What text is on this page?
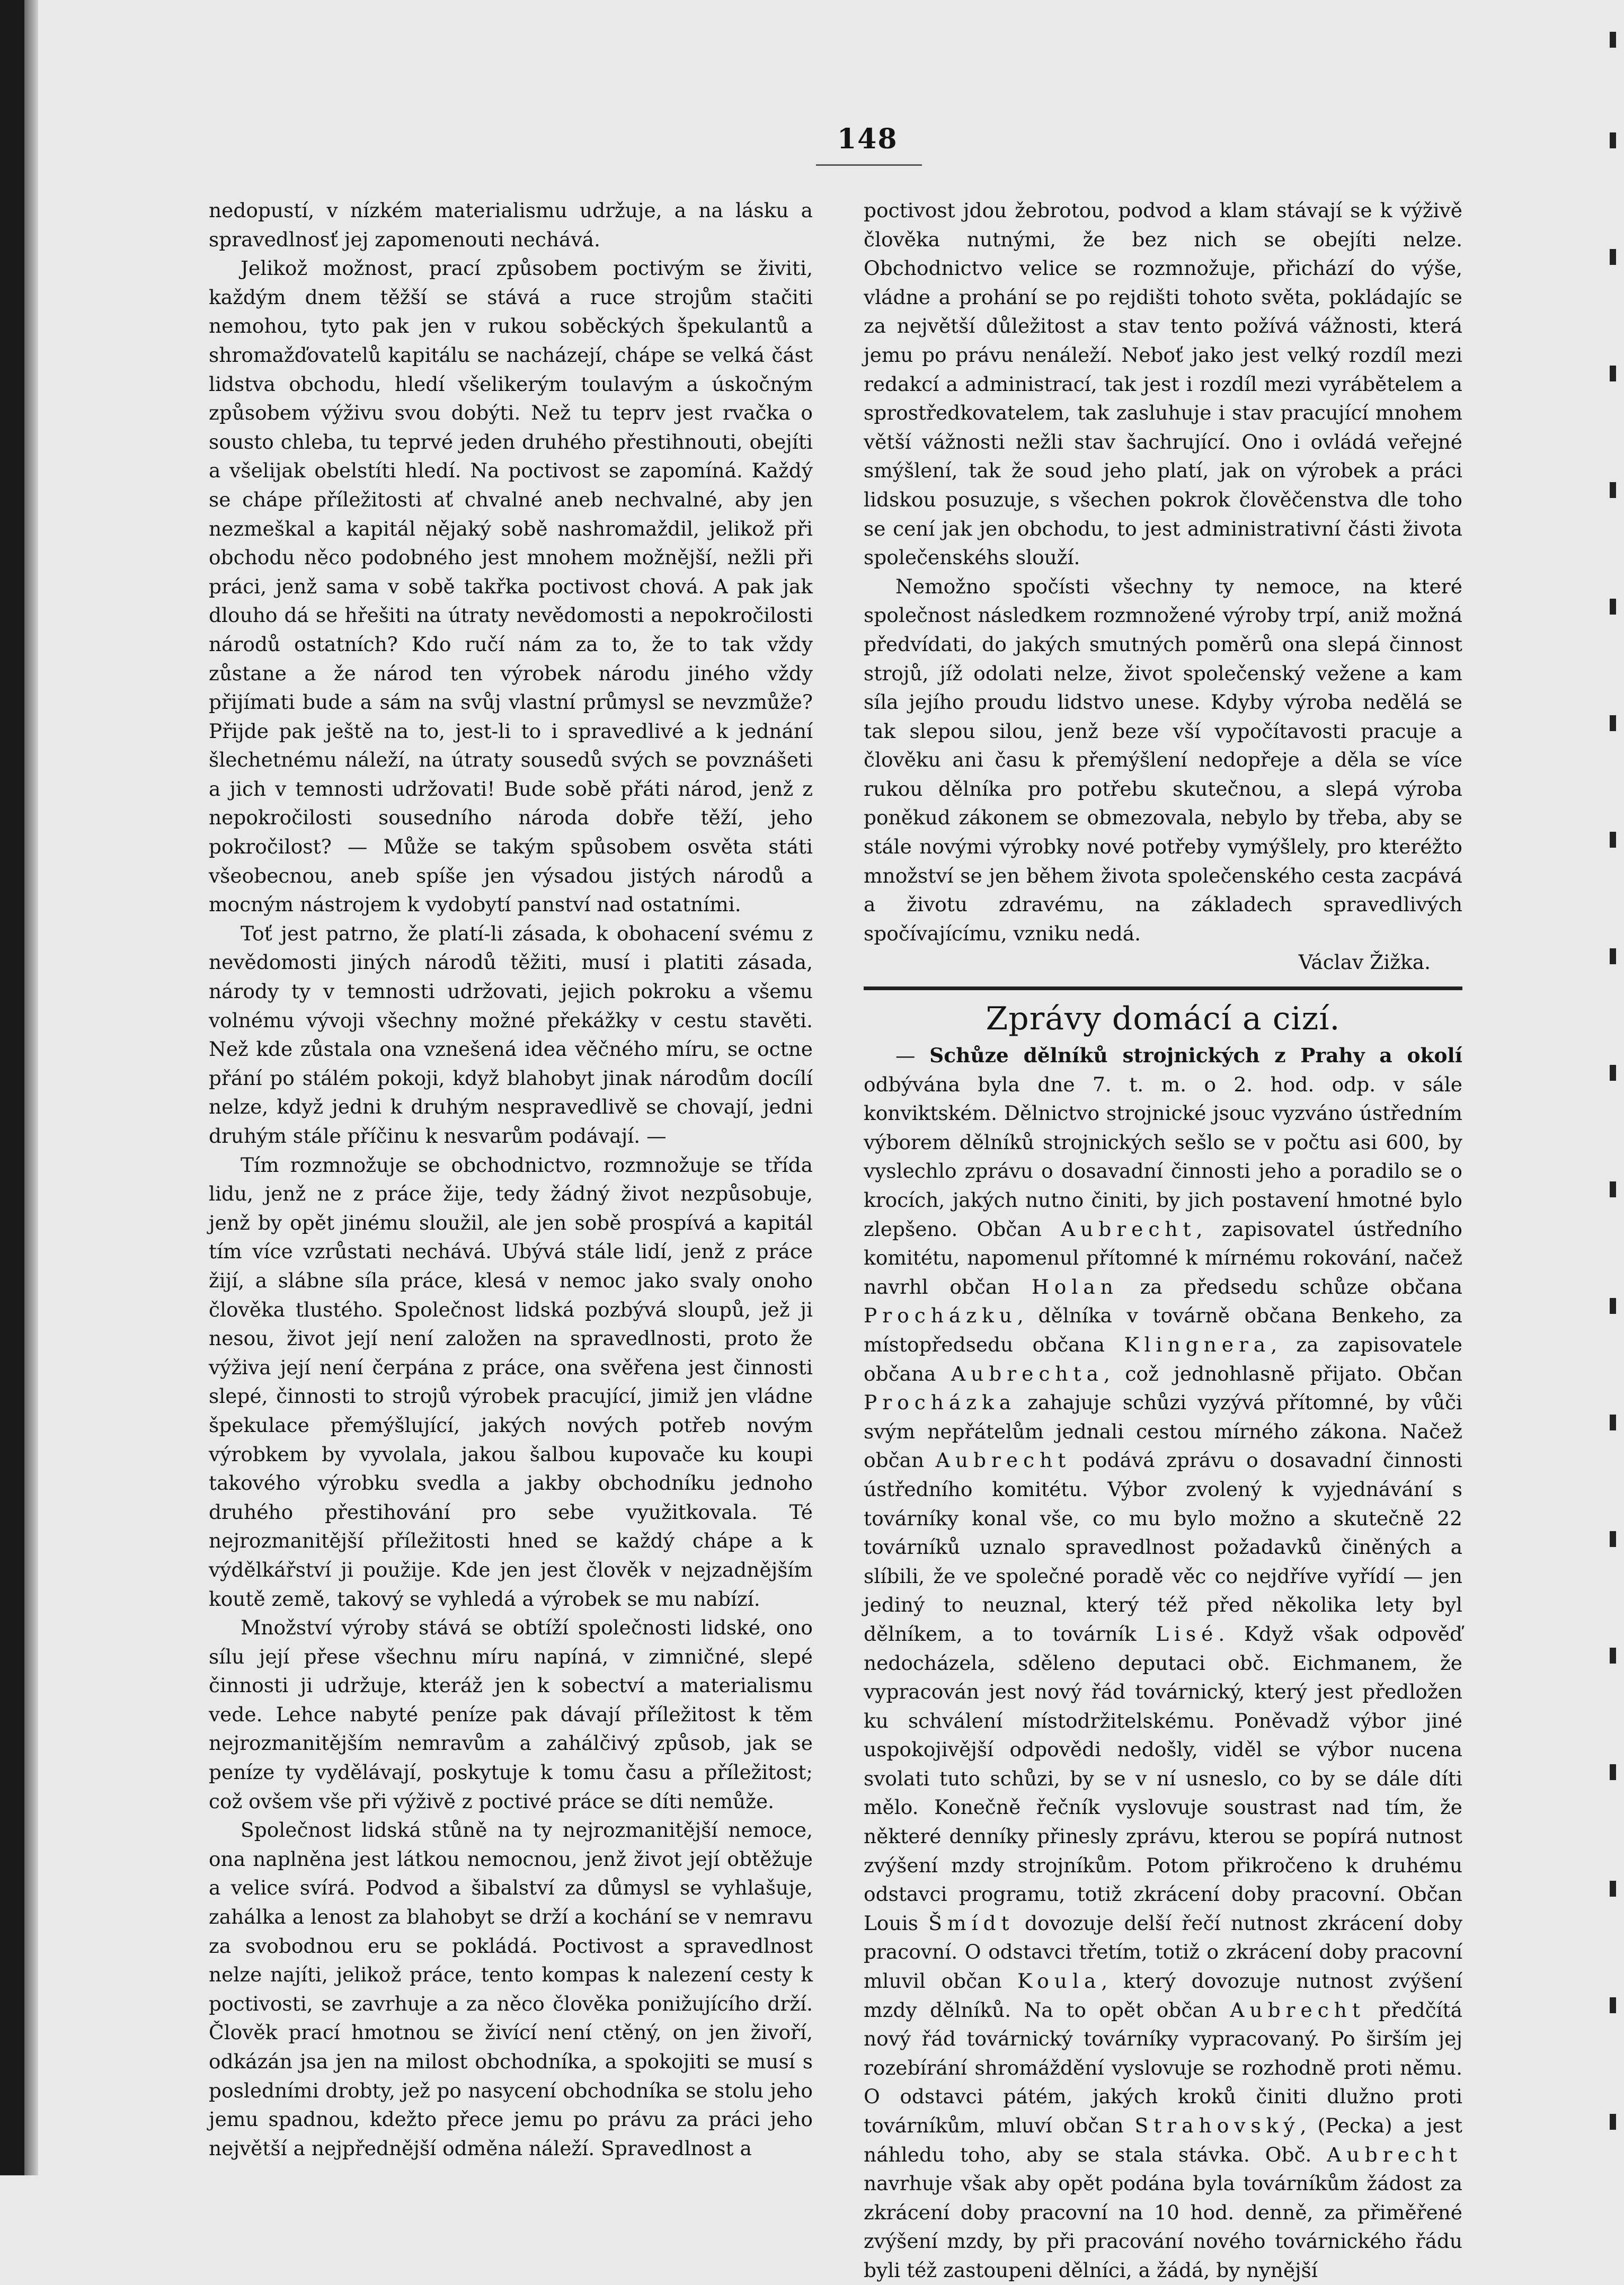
148

nedopustí, v nízkém materialismu udržuje, a na lásku a spravedlnosť jej zapomenouti nechává.

Jelikož možnost, prací způsobem poctivým se živiti, každým dnem těžší se stává a ruce strojům stačiti nemohou, tyto pak jen v rukou soběckých špekulantů a shromažďovatelů kapitálu se nacházejí, chápe se velká část lidstva obchodu, hledí všelikerým toulavým a úskočným způsobem výživu svou dobýti. Než tu teprv jest rvačka o sousto chleba, tu teprvé jeden druhého přestihnouti, obejíti a všelijak obelstíti hledí. Na poctivost se zapomíná. Každý se chápe příležitosti ať chvalné aneb nechvalné, aby jen nezmeškal a kapitál nějaký sobě nashromaždil, jelikož při obchodu něco podobného jest mnohem možnější, nežli při práci, jenž sama v sobě takřka poctivost chová. A pak jak dlouho dá se hřešiti na útraty nevědomosti a nepokročilosti národů ostatních? Kdo ručí nám za to, že to tak vždy zůstane a že národ ten výrobek národu jiného vždy přijímati bude a sám na svůj vlastní průmysl se nevzmůže? Přijde pak ještě na to, jest-li to i spravedlivé a k jednání šlechetnému náleží, na útraty sousedů svých se povznášeti a jich v temnosti udržovati! Bude sobě přáti národ, jenž z nepokročilosti sousedního národa dobře těží, jeho pokročilost? — Může se takým spůsobem osvěta státi všeobecnou, aneb spíše jen výsadou jistých národů a mocným nástrojem k vydobytí panství nad ostatními.

Toť jest patrno, že platí-li zásada, k obohacení svému z nevědomosti jiných národů těžiti, musí i platiti zásada, národy ty v temnosti udržovati, jejich pokroku a všemu volnému vývoji všechny možné překážky v cestu stavěti. Než kde zůstala ona vznešená idea věčného míru, se octne přání po stálém pokoji, když blahobyt jinak národům docílí nelze, když jedni k druhým nespravedlivě se chovají, jedni druhým stále příčinu k nesvarům podávají. —

Tím rozmnožuje se obchodnictvo, rozmnožuje se třída lidu, jenž ne z práce žije, tedy žádný život nezpůsobuje, jenž by opět jinému sloužil, ale jen sobě prospívá a kapitál tím více vzrůstati nechává. Ubývá stále lidí, jenž z práce žijí, a slábne síla práce, klesá v nemoc jako svaly onoho člověka tlustého. Společnost lidská pozbývá sloupů, jež ji nesou, život její není založen na spravedlnosti, proto že výživa její není čerpána z práce, ona svěřena jest činnosti slepé, činnosti to strojů výrobek pracující, jimiž jen vládne špekulace přemýšlující, jakých nových potřeb novým výrobkem by vyvolala, jakou šalbou kupovače ku koupi takového výrobku svedla a jakby obchodníku jednoho druhého přestihování pro sebe využitkovala. Té nejrozmanitější příležitosti hned se každý chápe a k výdělkářství ji použije. Kde jen jest člověk v nejzadnějším koutě země, takový se vyhledá a výrobek se mu nabízí.

Množství výroby stává se obtíží společnosti lidské, ono sílu její přese všechnu míru napíná, v zimničné, slepé činnosti ji udržuje, kteráž jen k sobectví a materialismu vede. Lehce nabyté peníze pak dávají příležitost k těm nejrozmanitějším nemravům a zahálčivý způsob, jak se peníze ty vydělávají, poskytuje k tomu času a příležitost; což ovšem vše při výživě z poctivé práce se díti nemůže.

Společnost lidská stůně na ty nejrozmanitější nemoce, ona naplněna jest látkou nemocnou, jenž život její obtěžuje a velice svírá. Podvod a šibalství za důmysl se vyhlašuje, zahálka a lenost za blahobyt se drží a kochání se v nemravu za svobodnou eru se pokládá. Poctivost a spravedlnost nelze najíti, jelikož práce, tento kompas k nalezení cesty k poctivosti, se zavrhuje a za něco člověka ponižujícího drží. Člověk prací hmotnou se živící není ctěný, on jen živoří, odkázán jsa jen na milost obchodníka, a spokojiti se musí s posledními drobty, jež po nasycení obchodníka se stolu jeho jemu spadnou, kdežto přece jemu po právu za práci jeho největší a nejpřednější odměna náleží. Spravedlnost a

poctivost jdou žebrotou, podvod a klam stávají se k výživě člověka nutnými, že bez nich se obejíti nelze. Obchodnictvo velice se rozmnožuje, přichází do výše, vládne a prohání se po rejdišti tohoto světa, pokládajíc se za největší důležitost a stav tento požívá vážnosti, která jemu po právu nenáleží. Neboť jako jest velký rozdíl mezi redakcí a administrací, tak jest i rozdíl mezi vyrábětelem a sprostředkovatelem, tak zasluhuje i stav pracující mnohem větší vážnosti nežli stav šachrující. Ono i ovládá veřejné smýšlení, tak že soud jeho platí, jak on výrobek a práci lidskou posuzuje, s všechen pokrok člověčenstva dle toho se cení jak jen obchodu, to jest administrativní části života společenskéhs slouží.

Nemožno spočísti všechny ty nemoce, na které společnost následkem rozmnožené výroby trpí, aniž možná předvídati, do jakých smutných poměrů ona slepá činnost strojů, jíž odolati nelze, život společenský vežene a kam síla jejího proudu lidstvo unese. Kdyby výroba nedělá se tak slepou silou, jenž beze vší vypočítavosti pracuje a člověku ani času k přemýšlení nedopřeje a děla se více rukou dělníka pro potřebu skutečnou, a slepá výroba poněkud zákonem se obmezovala, nebylo by třeba, aby se stále novými výrobky nové potřeby vymýšlely, pro kteréžto množství se jen během života společenského cesta zacpává a životu zdravému, na základech spravedlivých spočívajícímu, vzniku nedá.

Václav Žižka.

Zprávy domácí a cizí.

— Schůze dělníků strojnických z Prahy a okolí odbývána byla dne 7. t. m. o 2. hod. odp. v sále konviktském. Dělnictvo strojnické jsouc vyzváno ústředním výborem dělníků strojnických sešlo se v počtu asi 600, by vyslechlo zprávu o dosavadní činnosti jeho a poradilo se o krocích, jakých nutno činiti, by jich postavení hmotné bylo zlepšeno. Občan Aubrecht, zapisovatel ústředního komitétu, napomenul přítomné k mírnému rokování, načež navrhl občan Holan za předsedu schůze občana Procházku, dělníka v továrně občana Benkeho, za místopředsedu občana Klingnera, za zapisovatele občana Aubrechta, což jednohlasně přijato. Občan Procházka zahajuje schůzi vyzývá přítomné, by vůči svým nepřátelům jednali cestou mírného zákona. Načež občan Aubrecht podává zprávu o dosavadní činnosti ústředního komitétu. Výbor zvolený k vyjednávání s továrníky konal vše, co mu bylo možno a skutečně 22 továrníků uznalo spravedlnost požadavků činěných a slíbili, že ve společné poradě věc co nejdříve vyřídí — jen jediný to neuznal, který též před několika lety byl dělníkem, a to továrník Lisé. Když však odpověď nedocházela, sděleno deputaci obč. Eichmanem, že vypracován jest nový řád továrnický, který jest předložen ku schválení místodržitelskému. Poněvadž výbor jiné uspokojivější odpovědi nedošly, viděl se výbor nucena svolati tuto schůzi, by se v ní usneslo, co by se dále díti mělo. Konečně řečník vyslovuje soustrast nad tím, že některé denníky přinesly zprávu, kterou se popírá nutnost zvýšení mzdy strojníkům. Potom přikročeno k druhému odstavci programu, totiž zkrácení doby pracovní. Občan Louis Šmídt dovozuje delší řečí nutnost zkrácení doby pracovní. O odstavci třetím, totiž o zkrácení doby pracovní mluvil občan Koula, který dovozuje nutnost zvýšení mzdy dělníků. Na to opět občan Aubrecht předčítá nový řád továrnický továrníky vypracovaný. Po širším jej rozebírání shromáždění vyslovuje se rozhodně proti němu. O odstavci pátém, jakých kroků činiti dlužno proti továrníkům, mluví občan Strahovský, (Pecka) a jest náhledu toho, aby se stala stávka. Obč. Aubrecht navrhuje však aby opět podána byla továrníkům žádost za zkrácení doby pracovní na 10 hod. denně, za přiměřené zvýšení mzdy, by při pracování nového továrnického řádu byli též zastoupeni dělníci, a žádá, by nynější
